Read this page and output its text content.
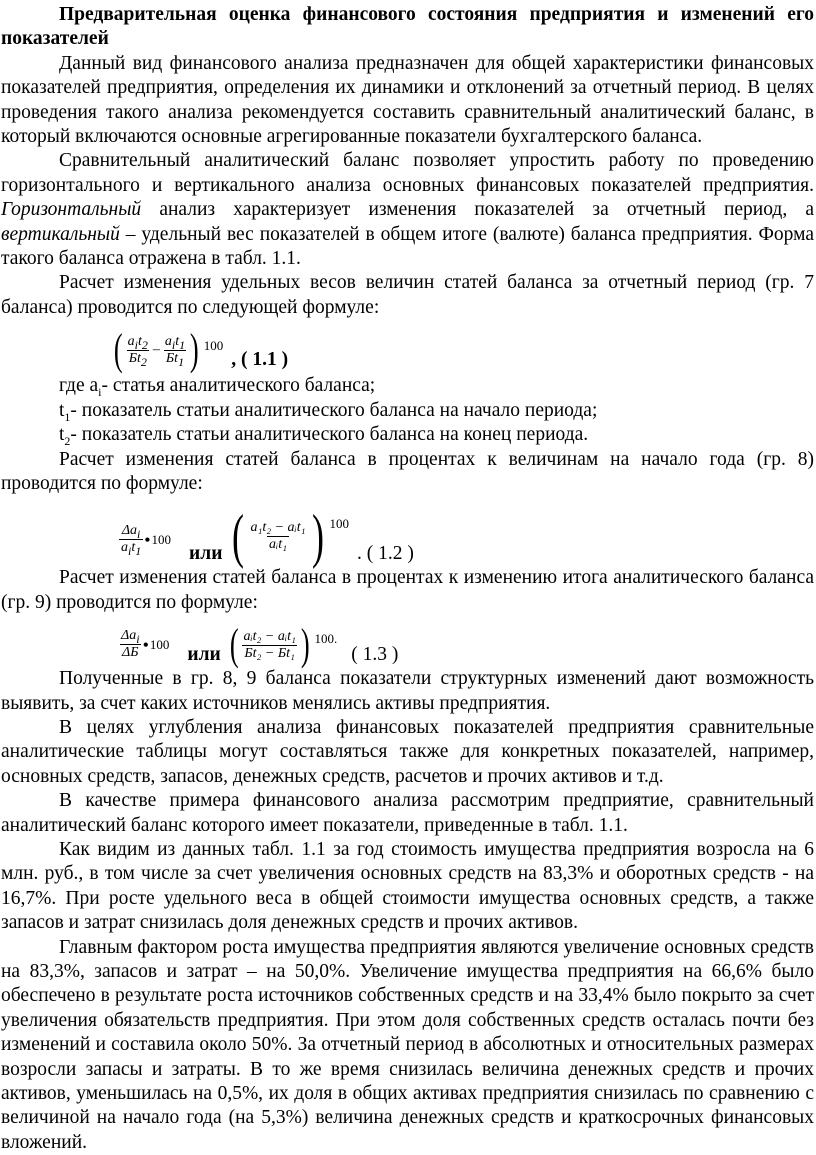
Предварительная оценка финансового состояния предприятия и изменений его показателей

Данный вид финансового анализа предназначен для общей характеристики финансовых показателей предприятия, определения их динамики и отклонений за отчетный период. В целях проведения такого анализа рекомендуется составить сравнительный аналитический баланс, в который включаются основные агрегированные показатели бухгалтерского баланса.

Сравнительный аналитический баланс позволяет упростить работу по проведению горизонтального и вертикального анализа основных финансовых показателей предприятия. Горизонтальный анализ характеризует изменения показателей за отчетный период, а вертикальный – удельный вес показателей в общем итоге (валюте) баланса предприятия. Форма такого баланса отражена в табл. 1.1.

Расчет изменения удельных весов величин статей баланса за отчетный период (гр. 7 баланса) проводится по следующей формуле:

( $\frac{a_it_2}{Бt_2} - \frac{a_it_1}{Бt_1}$ ) 100
, ( 1.1 )

где $a_i-$ статья аналитического баланса;

$t_1-$ показатель статьи аналитического баланса на начало периода;

$t_2-$ показатель статьи аналитического баланса на конец периода.

Расчет изменения статей баланса в процентах к величинам на начало года (гр. 8) проводится по формуле:

$\frac{\Delta a_i}{a_it_1}$ • 100
или ( $\frac{\text{a₁t₂ − aᵢt₁}}{\text{aᵢt₁}}$ ) 100
. ( 1.2 )

Расчет изменения статей баланса в процентах к изменению итога аналитического баланса (гр. 9) проводится по формуле:

$\frac{\Delta a_i}{\Delta Б}$ • 100 или ( $\frac{\text{aᵢt₂ − aᵢt₁}}{\text{Бt₂ − Бt₁}}$ ) 100.
( 1.3 )

Полученные в гр. 8, 9 баланса показатели структурных изменений дают возможность выявить, за счет каких источников менялись активы предприятия.

В целях углубления анализа финансовых показателей предприятия сравнительные аналитические таблицы могут составляться также для конкретных показателей, например, основных средств, запасов, денежных средств, расчетов и прочих активов и т.д.

В качестве примера финансового анализа рассмотрим предприятие, сравнительный аналитический баланс которого имеет показатели, приведенные в табл. 1.1.

Как видим из данных табл. 1.1 за год стоимость имущества предприятия возросла на 6 млн. руб., в том числе за счет увеличения основных средств на 83,3% и оборотных средств - на 16,7%. При росте удельного веса в общей стоимости имущества основных средств, а также запасов и затрат снизилась доля денежных средств и прочих активов.

Главным фактором роста имущества предприятия являются увеличение основных средств на 83,3%, запасов и затрат – на 50,0%. Увеличение имущества предприятия на 66,6% было обеспечено в результате роста источников собственных средств и на 33,4% было покрыто за счет увеличения обязательств предприятия. При этом доля собственных средств осталась почти без изменений и составила около 50%. За отчетный период в абсолютных и относительных размерах возросли запасы и затраты. В то же время снизилась величина денежных средств и прочих активов, уменьшилась на 0,5%, их доля в общих активах предприятия снизилась по сравнению с величиной на начало года (на 5,3%) величина денежных средств и краткосрочных финансовых вложений.
